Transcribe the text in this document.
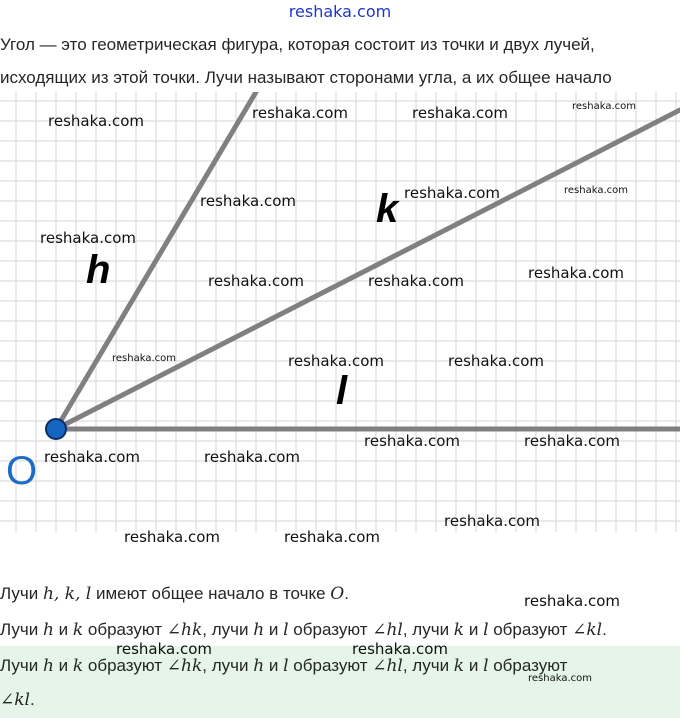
reshaka.com
Угол — это геометрическая фигура, которая состоит из точки и двух лучей,
исходящих из этой точки. Лучи называют сторонами угла, а их общее начало
h
k
l
O
Лучи h, k, l имеют общее начало в точке O.
Лучи h и k образуют ∠hk, лучи h и l образуют ∠hl, лучи k и l образуют ∠kl.
Лучи h и k образуют ∠hk, лучи h и l образуют ∠hl, лучи k и l образуют
∠kl.
reshaka.com	reshaka.com	reshaka.com	reshaka.com
reshaka.com	reshaka.com	reshaka.com
reshaka.com
reshaka.com	reshaka.com	reshaka.com
reshaka.com	reshaka.com	reshaka.com
reshaka.com	reshaka.com
reshaka.com	reshaka.com
reshaka.com
reshaka.com	reshaka.com
reshaka.com
reshaka.com	reshaka.com
reshaka.com
